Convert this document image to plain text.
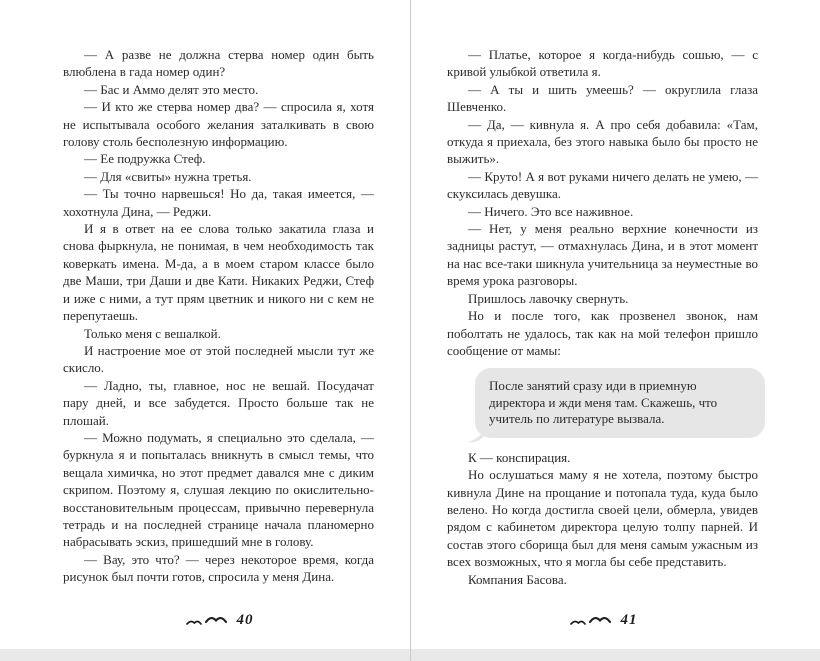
— А разве не должна стерва номер один быть влюблена в гада номер один?

— Бас и Аммо делят это место.

— И кто же стерва номер два? — спросила я, хотя не испытывала особого желания заталкивать в свою голову столь бесполезную информацию.

— Ее подружка Стеф.

— Для «свиты» нужна третья.

— Ты точно нарвешься! Но да, такая имеется, — хохотнула Дина, — Реджи.

И я в ответ на ее слова только закатила глаза и снова фыркнула, не понимая, в чем необходимость так коверкать имена. М-да, а в моем старом классе было две Маши, три Даши и две Кати. Никаких Реджи, Стеф и иже с ними, а тут прям цветник и никого ни с кем не перепутаешь.

Только меня с вешалкой.

И настроение мое от этой последней мысли тут же скисло.

— Ладно, ты, главное, нос не вешай. Посудачат пару дней, и все забудется. Просто больше так не плошай.

— Можно подумать, я специально это сделала, — буркнула я и попыталась вникнуть в смысл темы, что вещала химичка, но этот предмет давался мне с диким скрипом. Поэтому я, слушая лекцию по окислительно-восстановительным процессам, привычно перевернула тетрадь и на последней странице начала планомерно набрасывать эскиз, пришедший мне в голову.

— Вау, это что? — через некоторое время, когда рисунок был почти готов, спросила у меня Дина.

40

— Платье, которое я когда-нибудь сошью, — с кривой улыбкой ответила я.

— А ты и шить умеешь? — округлила глаза Шевченко.

— Да, — кивнула я. А про себя добавила: «Там, откуда я приехала, без этого навыка было бы просто не выжить».

— Круто! А я вот руками ничего делать не умею, — скуксилась девушка.

— Ничего. Это все наживное.

— Нет, у меня реально верхние конечности из задницы растут, — отмахнулась Дина, и в этот момент на нас все-таки шикнула учительница за неуместные во время урока разговоры.

Пришлось лавочку свернуть.

Но и после того, как прозвенел звонок, нам поболтать не удалось, так как на мой телефон пришло сообщение от мамы:

После занятий сразу иди в приемную директора и жди меня там. Скажешь, что учитель по литературе вызвала.

К — конспирация.

Но ослушаться маму я не хотела, поэтому быстро кивнула Дине на прощание и потопала туда, куда было велено. Но когда достигла своей цели, обмерла, увидев рядом с кабинетом директора целую толпу парней. И состав этого сборища был для меня самым ужасным из всех возможных, что я могла бы себе представить.

Компания Басова.

41
